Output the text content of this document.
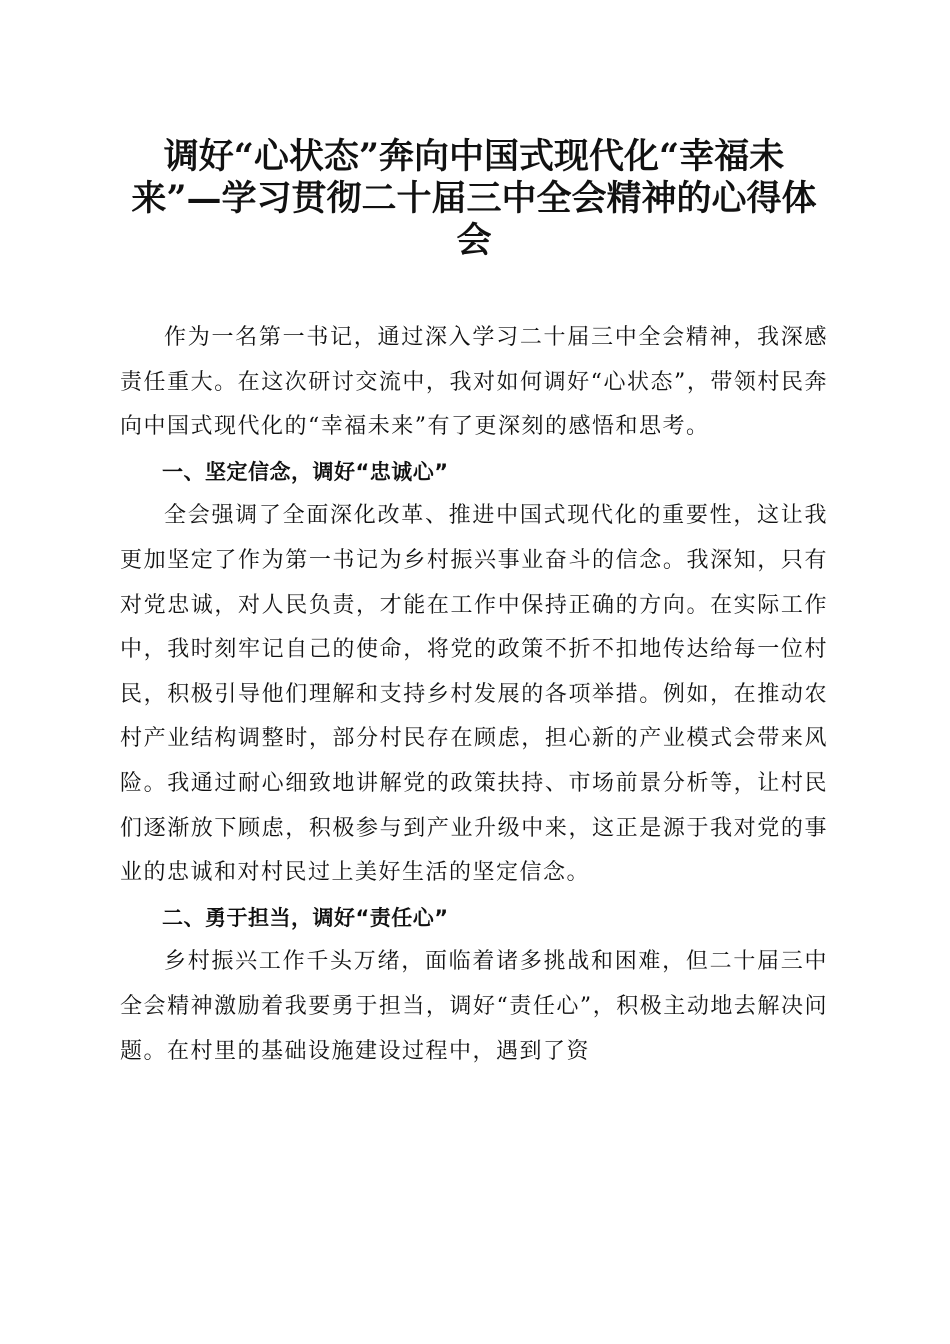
调好“心状态”奔向中国式现代化“幸福未来”—学习贯彻二十届三中全会精神的心得体会

作为一名第一书记，通过深入学习二十届三中全会精神，我深感责任重大。在这次研讨交流中，我对如何调好“心状态”，带领村民奔向中国式现代化的“幸福未来”有了更深刻的感悟和思考。

一、坚定信念，调好“忠诚心”

全会强调了全面深化改革、推进中国式现代化的重要性，这让我更加坚定了作为第一书记为乡村振兴事业奋斗的信念。我深知，只有对党忠诚，对人民负责，才能在工作中保持正确的方向。在实际工作中，我时刻牢记自己的使命，将党的政策不折不扣地传达给每一位村民，积极引导他们理解和支持乡村发展的各项举措。例如，在推动农村产业结构调整时，部分村民存在顾虑，担心新的产业模式会带来风险。我通过耐心细致地讲解党的政策扶持、市场前景分析等，让村民们逐渐放下顾虑，积极参与到产业升级中来，这正是源于我对党的事业的忠诚和对村民过上美好生活的坚定信念。

二、勇于担当，调好“责任心”

乡村振兴工作千头万绪，面临着诸多挑战和困难，但二十届三中全会精神激励着我要勇于担当，调好“责任心”，积极主动地去解决问题。在村里的基础设施建设过程中，遇到了资
